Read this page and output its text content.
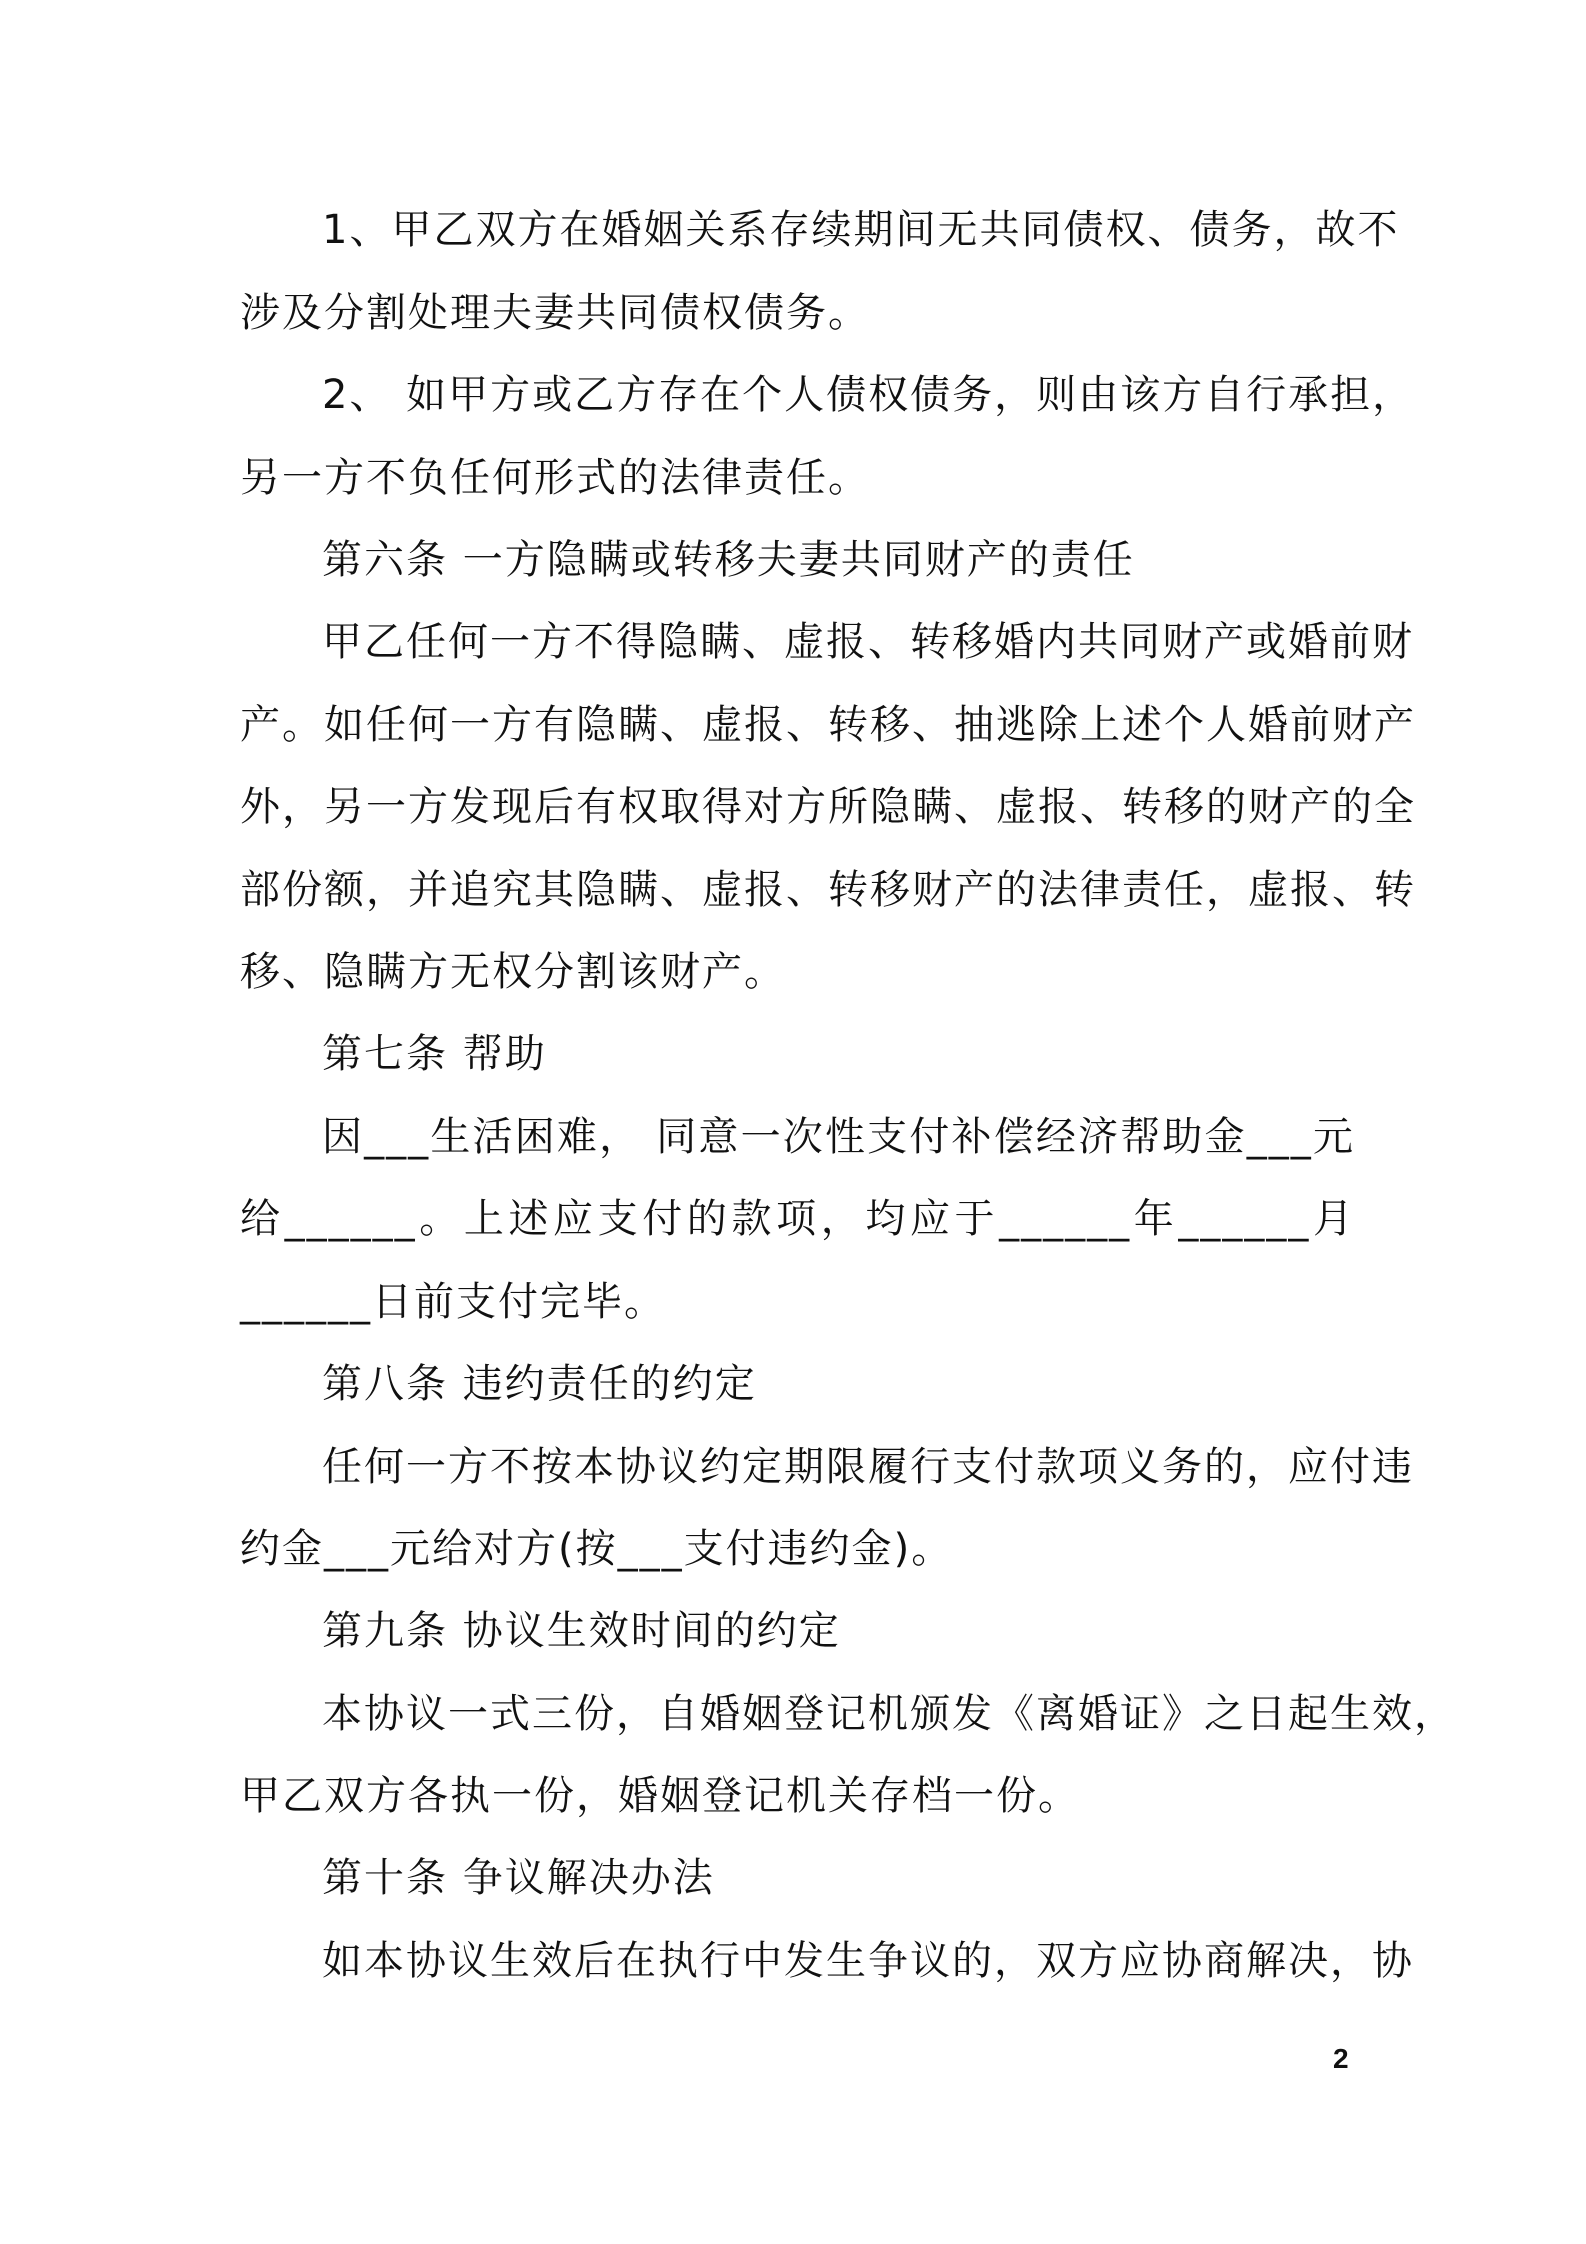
1、甲乙双方在婚姻关系存续期间无共同债权、债务，故不
涉及分割处理夫妻共同债权债务。
2、 如甲方或乙方存在个人债权债务，则由该方自行承担，
另一方不负任何形式的法律责任。
第六条 一方隐瞒或转移夫妻共同财产的责任
甲乙任何一方不得隐瞒、虚报、转移婚内共同财产或婚前财
产。如任何一方有隐瞒、虚报、转移、抽逃除上述个人婚前财产
外，另一方发现后有权取得对方所隐瞒、虚报、转移的财产的全
部份额，并追究其隐瞒、虚报、转移财产的法律责任，虚报、转
移、隐瞒方无权分割该财产。
第七条 帮助
因___生活困难， 同意一次性支付补偿经济帮助金___元
给______。上述应支付的款项，均应于______年______月
______日前支付完毕。
第八条 违约责任的约定
任何一方不按本协议约定期限履行支付款项义务的，应付违
约金___元给对方(按___支付违约金)。
第九条 协议生效时间的约定
本协议一式三份，自婚姻登记机颁发《离婚证》之日起生效，
甲乙双方各执一份，婚姻登记机关存档一份。
第十条 争议解决办法
如本协议生效后在执行中发生争议的，双方应协商解决，协
2
